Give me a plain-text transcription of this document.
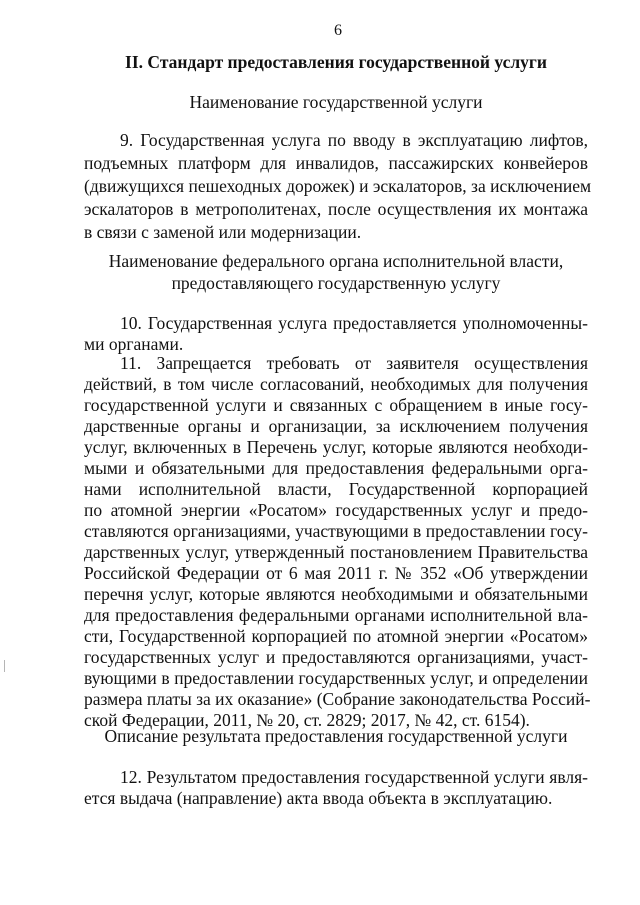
6
II. Стандарт предоставления государственной услуги
Наименование государственной услуги
9. Государственная услуга по вводу в эксплуатацию лифтов,
подъемных платформ для инвалидов, пассажирских конвейеров
(движущихся пешеходных дорожек) и эскалаторов, за исключением
эскалаторов в метрополитенах, после осуществления их монтажа
в связи с заменой или модернизации.
Наименование федерального органа исполнительной власти,
предоставляющего государственную услугу
10. Государственная услуга предоставляется уполномоченны-
ми органами.
11. Запрещается требовать от заявителя осуществления
действий, в том числе согласований, необходимых для получения
государственной услуги и связанных с обращением в иные госу-
дарственные органы и организации, за исключением получения
услуг, включенных в Перечень услуг, которые являются необходи-
мыми и обязательными для предоставления федеральными орга-
нами исполнительной власти, Государственной корпорацией
по атомной энергии «Росатом» государственных услуг и предо-
ставляются организациями, участвующими в предоставлении госу-
дарственных услуг, утвержденный постановлением Правительства
Российской Федерации от 6 мая 2011 г. № 352 «Об утверждении
перечня услуг, которые являются необходимыми и обязательными
для предоставления федеральными органами исполнительной вла-
сти, Государственной корпорацией по атомной энергии «Росатом»
государственных услуг и предоставляются организациями, участ-
вующими в предоставлении государственных услуг, и определении
размера платы за их оказание» (Собрание законодательства Россий-
ской Федерации, 2011, № 20, ст. 2829; 2017, № 42, ст. 6154).
Описание результата предоставления государственной услуги
12. Результатом предоставления государственной услуги явля-
ется выдача (направление) акта ввода объекта в эксплуатацию.
